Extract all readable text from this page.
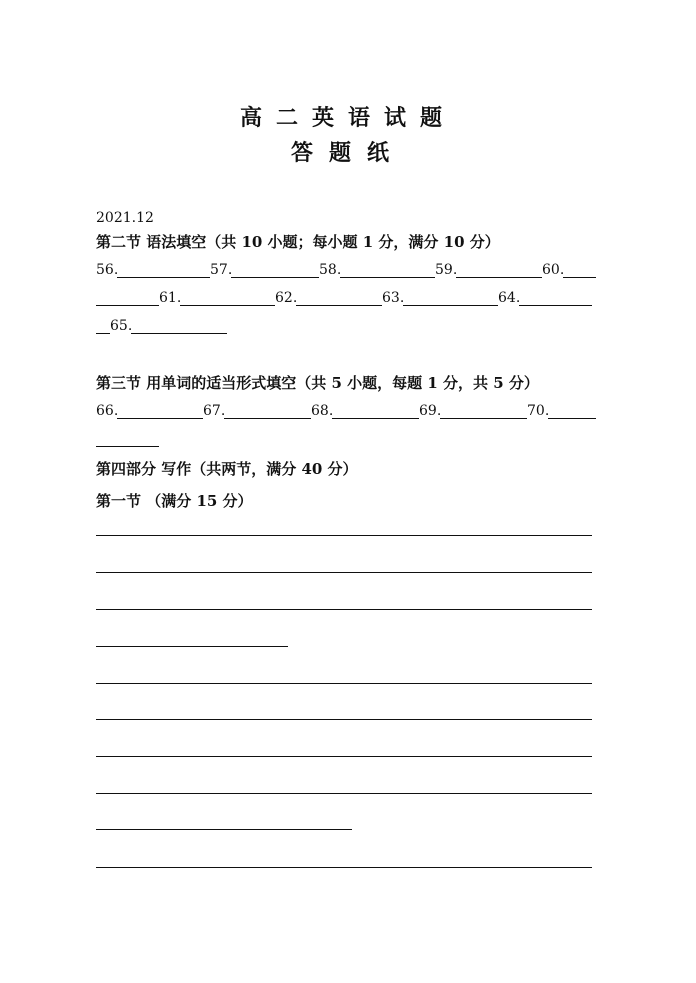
高二英语试题
答题纸
2021.12
第二节 语法填空（共 10 小题；每小题 1 分，满分 10 分）
56.	57.	58.	59.	60.
61.	62.	63.	64.
65.
第三节 用单词的适当形式填空（共 5 小题，每题 1 分，共 5 分）
66.	67.	68.	69.	70.
第四部分 写作（共两节，满分 40 分）
第一节 （满分 15 分）
